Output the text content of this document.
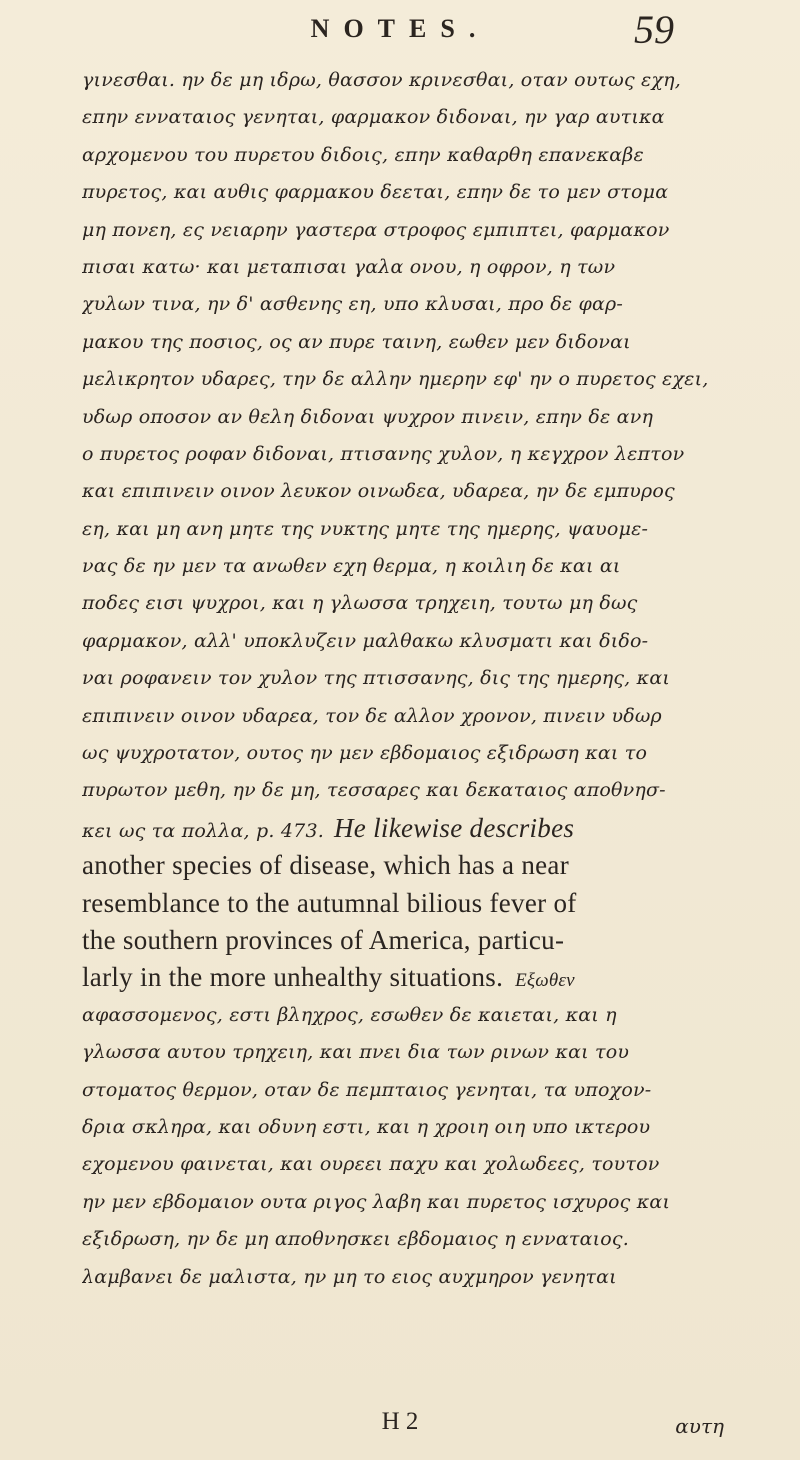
NOTES.	59
γινεσθαι. ην δε μη ιδρω, θασσον κρινεσθαι, οταν ουτως εχη,
επην ενναταιος γενηται, φαρμακον διδοναι, ην γαρ αυτικα
αρχομενου του πυρετου διδοις, επην καθαρθη επανεκαβε
πυρετος, και αυθις φαρμακου δεεται, επην δε το μεν στομα
μη πονεη, ες νειαρην γαστερα στροφος εμπιπτει, φαρμακον
πισαι κατω· και μεταπισαι γαλα ονου, η οφρον, η των
χυλων τινα, ην δ' ασθενης εη, υπο κλυσαι, προ δε φαρ-
μακου της ποσιος, ος αν πυρε ταινη, εωθεν μεν διδοναι
μελικρητον υδαρες, την δε αλλην ημερην εφ' ην ο πυρετος εχει,
υδωρ οποσον αν θελη διδοναι ψυχρον πινειν, επην δε ανη
ο πυρετος ροφαν διδοναι, πτισανης χυλον, η κεγχρον λεπτον
και επιπινειν οινον λευκον οινωδεα, υδαρεα, ην δε εμπυρος
εη, και μη ανη μητε της νυκτης μητε της ημερης, ψαυομε-
νας δε ην μεν τα ανωθεν εχη θερμα, η κοιλιη δε και αι
ποδες εισι ψυχροι, και η γλωσσα τρηχειη, τουτω μη δως
φαρμακον, αλλ' υποκλυζειν μαλθακω κλυσματι και διδο-
ναι ροφανειν τον χυλον της πτισσανης, δις της ημερης, και
επιπινειν οινον υδαρεα, τον δε αλλον χρονον, πινειν υδωρ
ως ψυχροτατον, ουτος ην μεν εβδομαιος εξιδρωση και το
πυρωτον μεθη, ην δε μη, τεσσαρες και δεκαταιος αποθνησ-
κει ως τα πολλα, p. 473. He likewise describes
another species of disease, which has a near
resemblance to the autumnal bilious fever of
the southern provinces of America, particu-
larly in the more unhealthy situations. Εξωθεν
αφασσομενος, εστι βληχρος, εσωθεν δε καιεται, και η
γλωσσα αυτου τρηχειη, και πνει δια των ρινων και του
στοματος θερμον, οταν δε πεμπταιος γενηται, τα υποχον-
δρια σκληρα, και οδυνη εστι, και η χροιη οιη υπο ικτερου
εχομενου φαινεται, και ουρεει παχυ και χολωδεες, τουτον
ην μεν εβδομαιον ουτα ριγος λαβη και πυρετος ισχυρος και
εξιδρωση, ην δε μη αποθνησκει εβδομαιος η ενναταιος.
λαμβανει δε μαλιστα, ην μη το ειος αυχμηρον γενηται
H 2	αυτη
